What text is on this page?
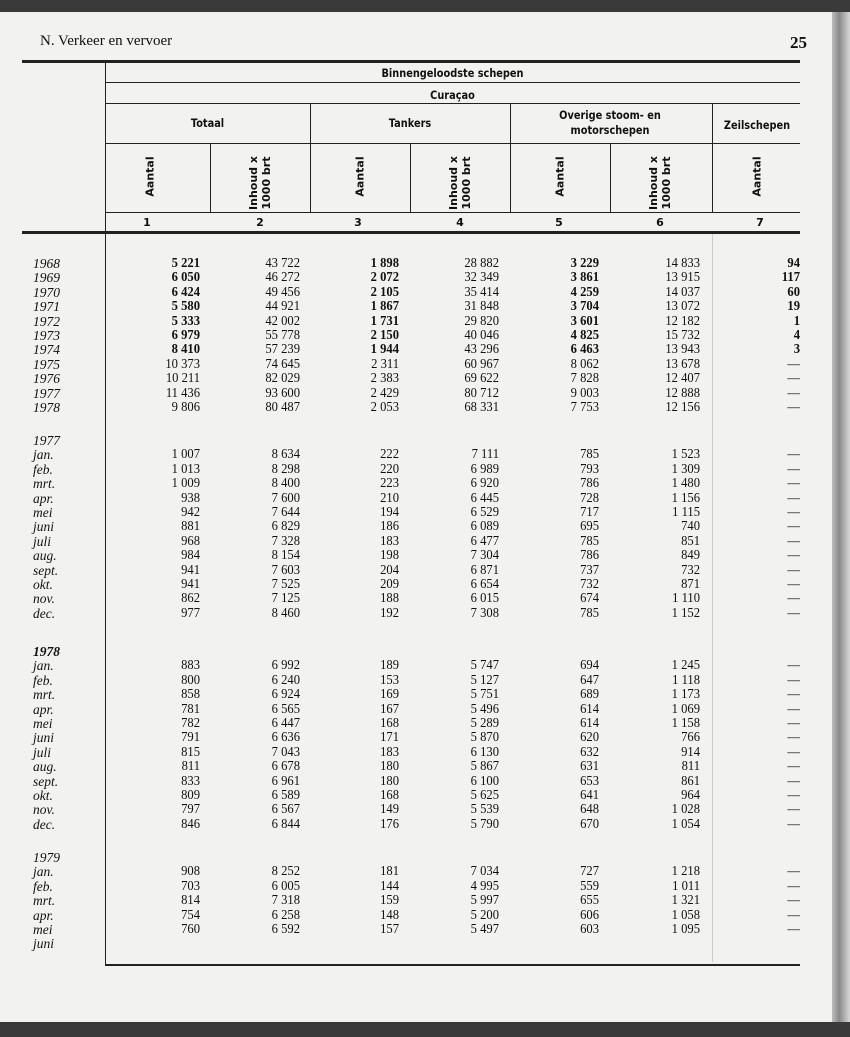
N. Verkeer en vervoer	25
Binnengeloodste schepen
Curaçao
Totaal	Tankers
Overige stoom- en motorschepen	Zeilschepen
Aantal	Inhoud x 1000 brt	Aantal	Inhoud x 1000 brt	Aantal	Inhoud x 1000 brt	Aantal
1	2	3	4	5	6	7
1968	5 221	43 722	1 898	28 882	3 229	14 833	94
1969	6 050	46 272	2 072	32 349	3 861	13 915	117
1970	6 424	49 456	2 105	35 414	4 259	14 037	60
1971	5 580	44 921	1 867	31 848	3 704	13 072	19
1972	5 333	42 002	1 731	29 820	3 601	12 182	1
1973	6 979	55 778	2 150	40 046	4 825	15 732	4
1974	8 410	57 239	1 944	43 296	6 463	13 943	3
1975	10 373	74 645	2 311	60 967	8 062	13 678	—
1976	10 211	82 029	2 383	69 622	7 828	12 407	—
1977	11 436	93 600	2 429	80 712	9 003	12 888	—
1978	9 806	80 487	2 053	68 331	7 753	12 156	—
1977
jan.	1 007	8 634	222	7 111	785	1 523	—
feb.	1 013	8 298	220	6 989	793	1 309	—
mrt.	1 009	8 400	223	6 920	786	1 480	—
apr.	938	7 600	210	6 445	728	1 156	—
mei	942	7 644	194	6 529	717	1 115	—
juni	881	6 829	186	6 089	695	740	—
juli	968	7 328	183	6 477	785	851	—
aug.	984	8 154	198	7 304	786	849	—
sept.	941	7 603	204	6 871	737	732	—
okt.	941	7 525	209	6 654	732	871	—
nov.	862	7 125	188	6 015	674	1 110	—
dec.	977	8 460	192	7 308	785	1 152	—
1978
jan.	883	6 992	189	5 747	694	1 245	—
feb.	800	6 240	153	5 127	647	1 118	—
mrt.	858	6 924	169	5 751	689	1 173	—
apr.	781	6 565	167	5 496	614	1 069	—
mei	782	6 447	168	5 289	614	1 158	—
juni	791	6 636	171	5 870	620	766	—
juli	815	7 043	183	6 130	632	914	—
aug.	811	6 678	180	5 867	631	811	—
sept.	833	6 961	180	6 100	653	861	—
okt.	809	6 589	168	5 625	641	964	—
nov.	797	6 567	149	5 539	648	1 028	—
dec.	846	6 844	176	5 790	670	1 054	—
1979
jan.	908	8 252	181	7 034	727	1 218	—
feb.	703	6 005	144	4 995	559	1 011	—
mrt.	814	7 318	159	5 997	655	1 321	—
apr.	754	6 258	148	5 200	606	1 058	—
mei	760	6 592	157	5 497	603	1 095	—
juni
